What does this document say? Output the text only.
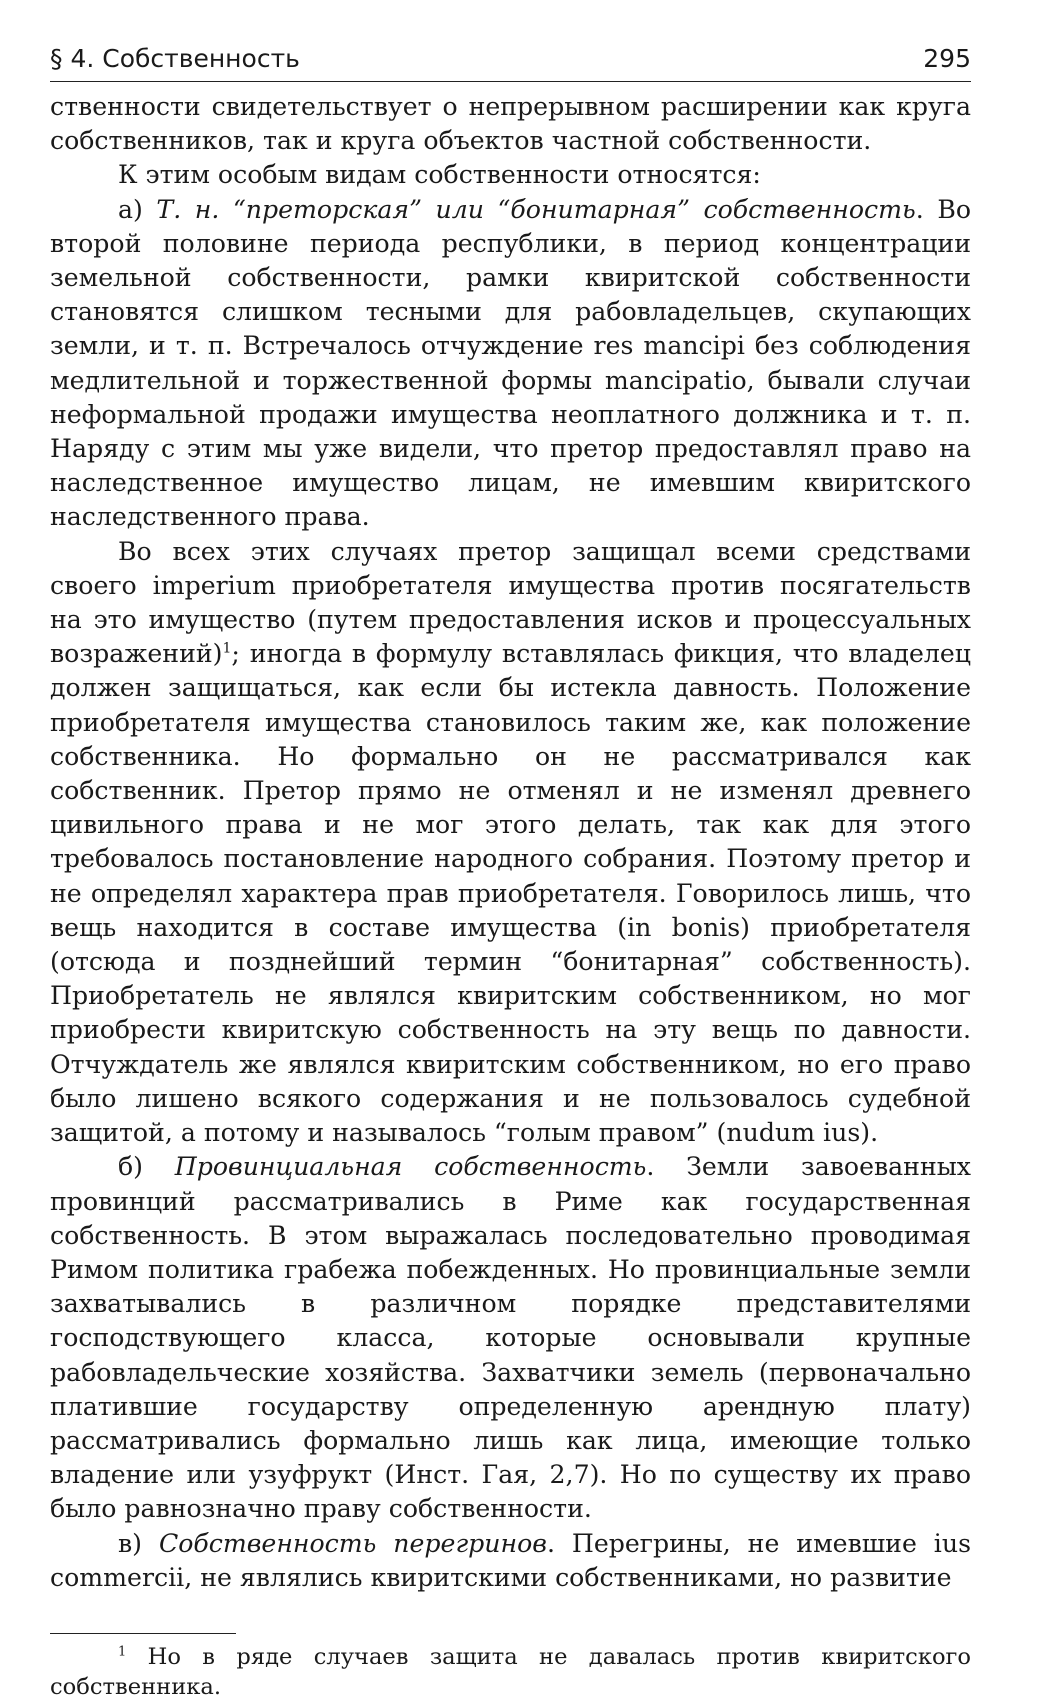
§ 4. Собственность	295

ственности свидетельствует о непрерывном расширении как круга собственников, так и круга объектов частной собственности.

К этим особым видам собственности относятся:

а) Т. н. “преторская” или “бонитарная” собственность. Во второй половине периода республики, в период концентрации земельной собственности, рамки квиритской собственности становятся слишком тесными для рабовладельцев, скупающих земли, и т. п. Встречалось отчуждение res mancipi без соблюдения медлительной и торжественной формы mancipatio, бывали случаи неформальной продажи имущества неоплатного должника и т. п. Наряду с этим мы уже видели, что претор предоставлял право на наследственное имущество лицам, не имевшим квиритского наследственного права.

Во всех этих случаях претор защищал всеми средствами своего imperium приобретателя имущества против посягательств на это имущество (путем предоставления исков и процессуальных возражений)$^1$; иногда в формулу вставлялась фикция, что владелец должен защищаться, как если бы истекла давность. Положение приобретателя имущества становилось таким же, как положение собственника. Но формально он не рассматривался как собственник. Претор прямо не отменял и не изменял древнего цивильного права и не мог этого делать, так как для этого требовалось постановление народного собрания. Поэтому претор и не определял характера прав приобретателя. Говорилось лишь, что вещь находится в составе имущества (in bonis) приобретателя (отсюда и позднейший термин “бонитарная” собственность). Приобретатель не являлся квиритским собственником, но мог приобрести квиритскую собственность на эту вещь по давности. Отчуждатель же являлся квиритским собственником, но его право было лишено всякого содержания и не пользовалось судебной защитой, а потому и называлось “голым правом” (nudum ius).

б) Провинциальная собственность. Земли завоеванных провинций рассматривались в Риме как государственная собственность. В этом выражалась последовательно проводимая Римом политика грабежа побежденных. Но провинциальные земли захватывались в различном порядке представителями господствующего класса, которые основывали крупные рабовладельческие хозяйства. Захватчики земель (первоначально платившие государству определенную арендную плату) рассматривались формально лишь как лица, имеющие только владение или узуфрукт (Инст. Гая, 2,7). Но по существу их право было равнозначно праву собственности.

в) Собственность перегринов. Перегрины, не имевшие ius commercii, не являлись квиритскими собственниками, но развитие

$^1$ Но в ряде случаев защита не давалась против квиритского собственника.
